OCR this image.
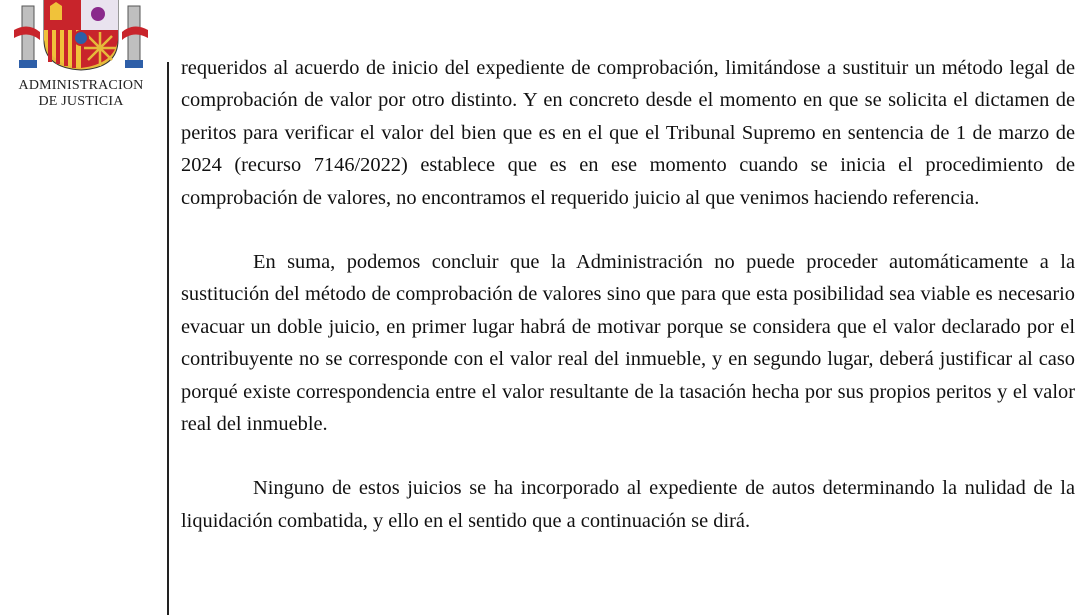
ADMINISTRACION
DE JUSTICIA

requeridos al acuerdo de inicio del expediente de comprobación, limitándose a sustituir un método legal de comprobación de valor por otro distinto. Y en concreto desde el momento en que se solicita el dictamen de peritos para verificar el valor del bien que es en el que el Tribunal Supremo en sentencia de 1 de marzo de 2024 (recurso 7146/2022) establece que es en ese momento cuando se inicia el procedimiento de comprobación de valores, no encontramos el requerido juicio al que venimos haciendo referencia.

En suma, podemos concluir que la Administración no puede proceder automáticamente a la sustitución del método de comprobación de valores sino que para que esta posibilidad sea viable es necesario evacuar un doble juicio, en primer lugar habrá de motivar porque se considera que el valor declarado por el contribuyente no se corresponde con el valor real del inmueble, y en segundo lugar, deberá justificar al caso porqué existe correspondencia entre el valor resultante de la tasación hecha por sus propios peritos y el valor real del inmueble.

Ninguno de estos juicios se ha incorporado al expediente de autos determinando la nulidad de la liquidación combatida, y ello en el sentido que a continuación se dirá.
